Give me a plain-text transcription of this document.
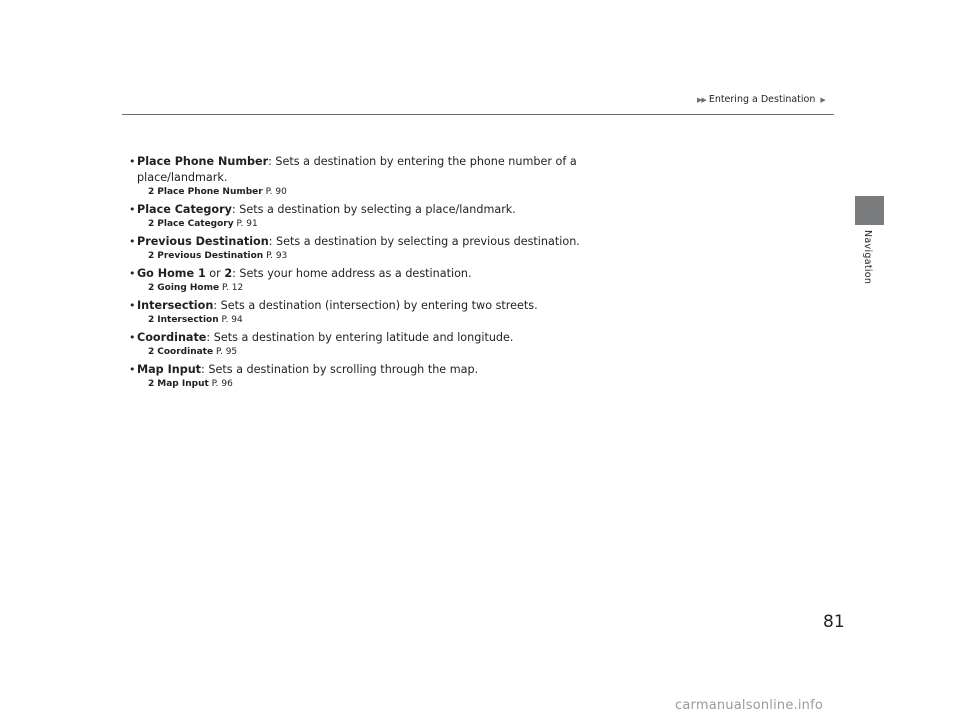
▶▶ Entering a Destination ▶
Navigation
• Place Phone Number: Sets a destination by entering the phone number of a
place/landmark.
2 Place Phone Number P. 90
• Place Category: Sets a destination by selecting a place/landmark.
2 Place Category P. 91
• Previous Destination: Sets a destination by selecting a previous destination.
2 Previous Destination P. 93
• Go Home 1 or 2: Sets your home address as a destination.
2 Going Home P. 12
• Intersection: Sets a destination (intersection) by entering two streets.
2 Intersection P. 94
• Coordinate: Sets a destination by entering latitude and longitude.
2 Coordinate P. 95
• Map Input: Sets a destination by scrolling through the map.
2 Map Input P. 96
81
carmanualsonline.info
